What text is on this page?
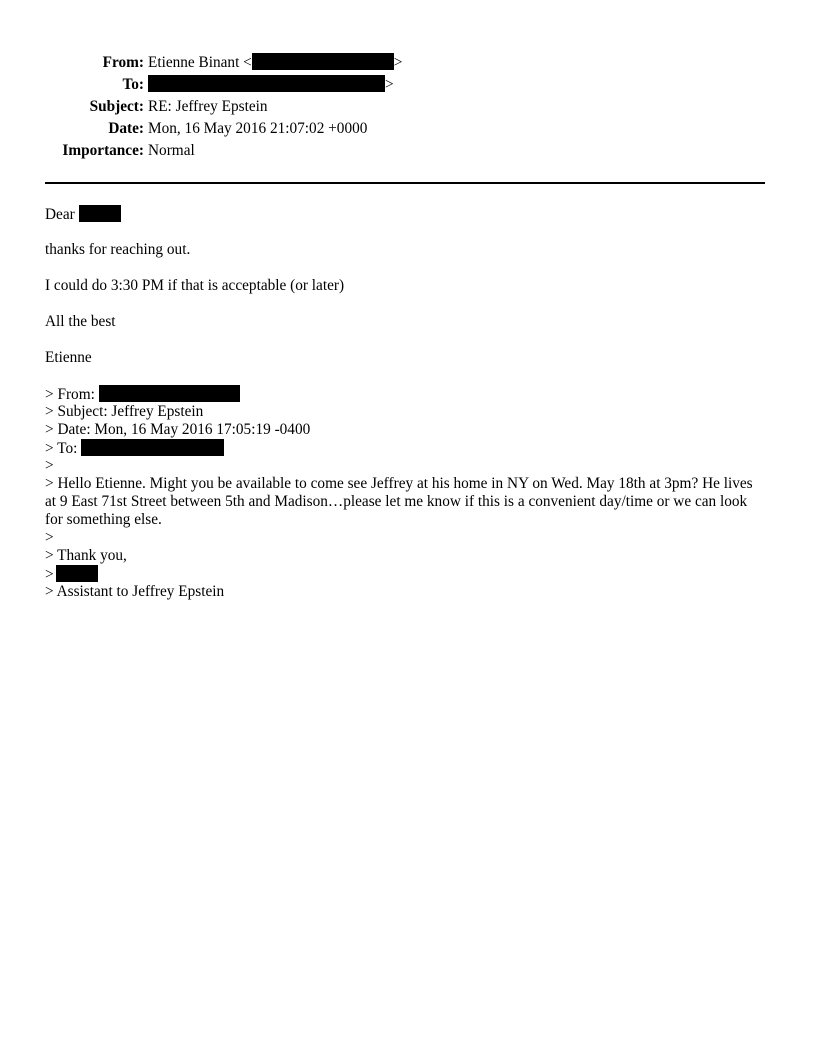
From: Etienne Binant <	>
To:	>
Subject: RE: Jeffrey Epstein
Date: Mon, 16 May 2016 21:07:02 +0000
Importance: Normal
Dear
thanks for reaching out.
I could do 3:30 PM if that is acceptable (or later)
All the best
Etienne
> From:
> Subject: Jeffrey Epstein
> Date: Mon, 16 May 2016 17:05:19 -0400
> To:
>
> Hello Etienne. Might you be available to come see Jeffrey at his home in NY on Wed. May 18th at 3pm? He lives at 9 East 71st Street between 5th and Madison…please let me know if this is a convenient day/time or we can look for something else.
>
> Thank you,
>
> Assistant to Jeffrey Epstein
